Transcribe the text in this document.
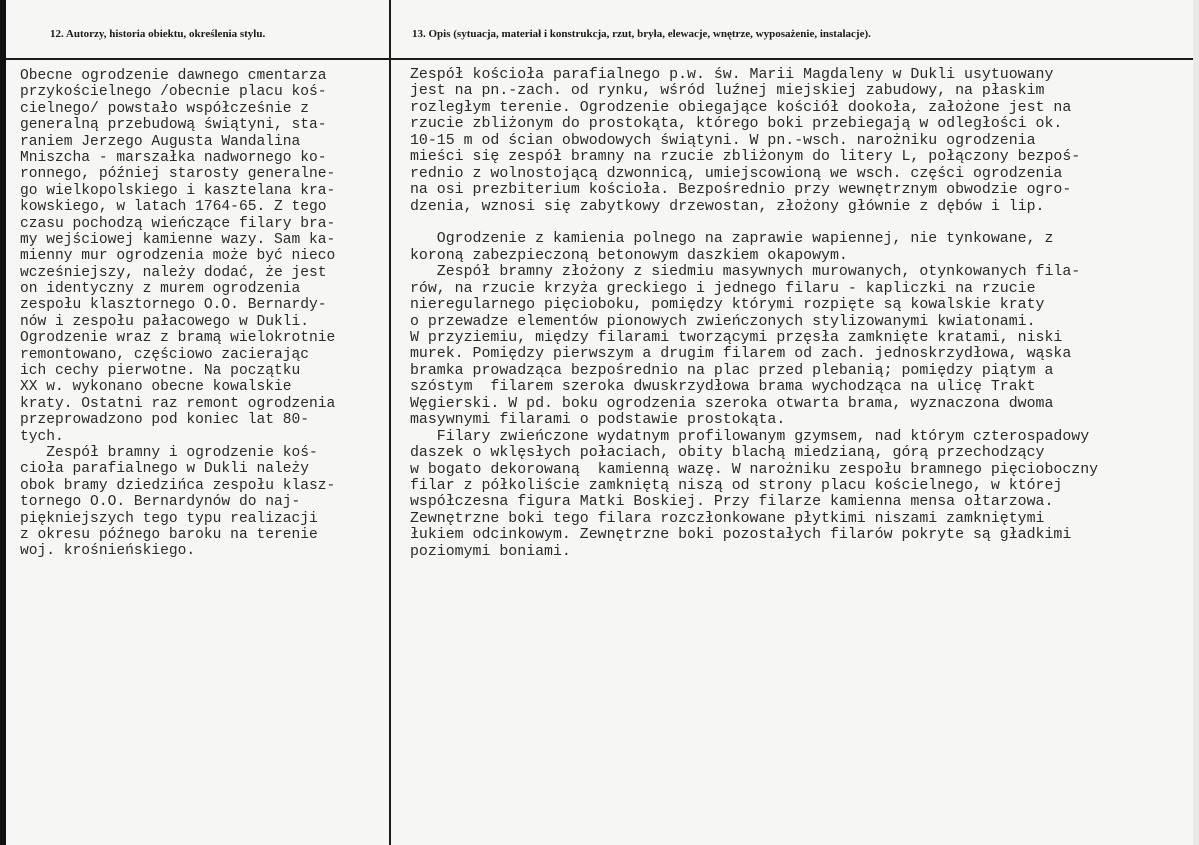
12. Autorzy, historia obiektu, określenia stylu.	13. Opis (sytuacja, materiał i konstrukcja, rzut, bryła, elewacje, wnętrze, wyposażenie, instalacje).
Obecne ogrodzenie dawnego cmentarza
przykościelnego /obecnie placu koś-
cielnego/ powstało współcześnie z
generalną przebudową świątyni, sta-
raniem Jerzego Augusta Wandalina
Mniszcha - marszałka nadwornego ko-
ronnego, później starosty generalne-
go wielkopolskiego i kasztelana kra-
kowskiego, w latach 1764-65. Z tego
czasu pochodzą wieńczące filary bra-
my wejściowej kamienne wazy. Sam ka-
mienny mur ogrodzenia może być nieco
wcześniejszy, należy dodać, że jest
on identyczny z murem ogrodzenia
zespołu klasztornego O.O. Bernardy-
nów i zespołu pałacowego w Dukli.
Ogrodzenie wraz z bramą wielokrotnie
remontowano, częściowo zacierając
ich cechy pierwotne. Na początku
XX w. wykonano obecne kowalskie
kraty. Ostatni raz remont ogrodzenia
przeprowadzono pod koniec lat 80-
tych.
Zespół bramny i ogrodzenie koś-
cioła parafialnego w Dukli należy
obok bramy dziedzińca zespołu klasz-
tornego O.O. Bernardynów do naj-
piękniejszych tego typu realizacji
z okresu późnego baroku na terenie
woj. krośnieńskiego.
Zespół kościoła parafialnego p.w. św. Marii Magdaleny w Dukli usytuowany
jest na pn.-zach. od rynku, wśród luźnej miejskiej zabudowy, na płaskim
rozległym terenie. Ogrodzenie obiegające kościół dookoła, założone jest na
rzucie zbliżonym do prostokąta, którego boki przebiegają w odległości ok.
10-15 m od ścian obwodowych świątyni. W pn.-wsch. narożniku ogrodzenia
mieści się zespół bramny na rzucie zbliżonym do litery L, połączony bezpoś-
rednio z wolnostojącą dzwonnicą, umiejscowioną we wsch. części ogrodzenia
na osi prezbiterium kościoła. Bezpośrednio przy wewnętrznym obwodzie ogro-
dzenia, wznosi się zabytkowy drzewostan, złożony głównie z dębów i lip.

Ogrodzenie z kamienia polnego na zaprawie wapiennej, nie tynkowane, z
koroną zabezpieczoną betonowym daszkiem okapowym.
Zespół bramny złożony z siedmiu masywnych murowanych, otynkowanych fila-
rów, na rzucie krzyża greckiego i jednego filaru - kapliczki na rzucie
nieregularnego pięcioboku, pomiędzy którymi rozpięte są kowalskie kraty
o przewadze elementów pionowych zwieńczonych stylizowanymi kwiatonami.
W przyziemiu, między filarami tworzącymi przęsła zamknięte kratami, niski
murek. Pomiędzy pierwszym a drugim filarem od zach. jednoskrzydłowa, wąska
bramka prowadząca bezpośrednio na plac przed plebanią; pomiędzy piątym a
szóstym  filarem szeroka dwuskrzydłowa brama wychodząca na ulicę Trakt
Węgierski. W pd. boku ogrodzenia szeroka otwarta brama, wyznaczona dwoma
masywnymi filarami o podstawie prostokąta.
Filary zwieńczone wydatnym profilowanym gzymsem, nad którym czterospadowy
daszek o wklęsłych połaciach, obity blachą miedzianą, górą przechodzący
w bogato dekorowaną  kamienną wazę. W narożniku zespołu bramnego pięcioboczny
filar z półkoliście zamkniętą niszą od strony placu kościelnego, w której
współczesna figura Matki Boskiej. Przy filarze kamienna mensa ołtarzowa.
Zewnętrzne boki tego filara rozczłonkowane płytkimi niszami zamkniętymi
łukiem odcinkowym. Zewnętrzne boki pozostałych filarów pokryte są gładkimi
poziomymi boniami.
